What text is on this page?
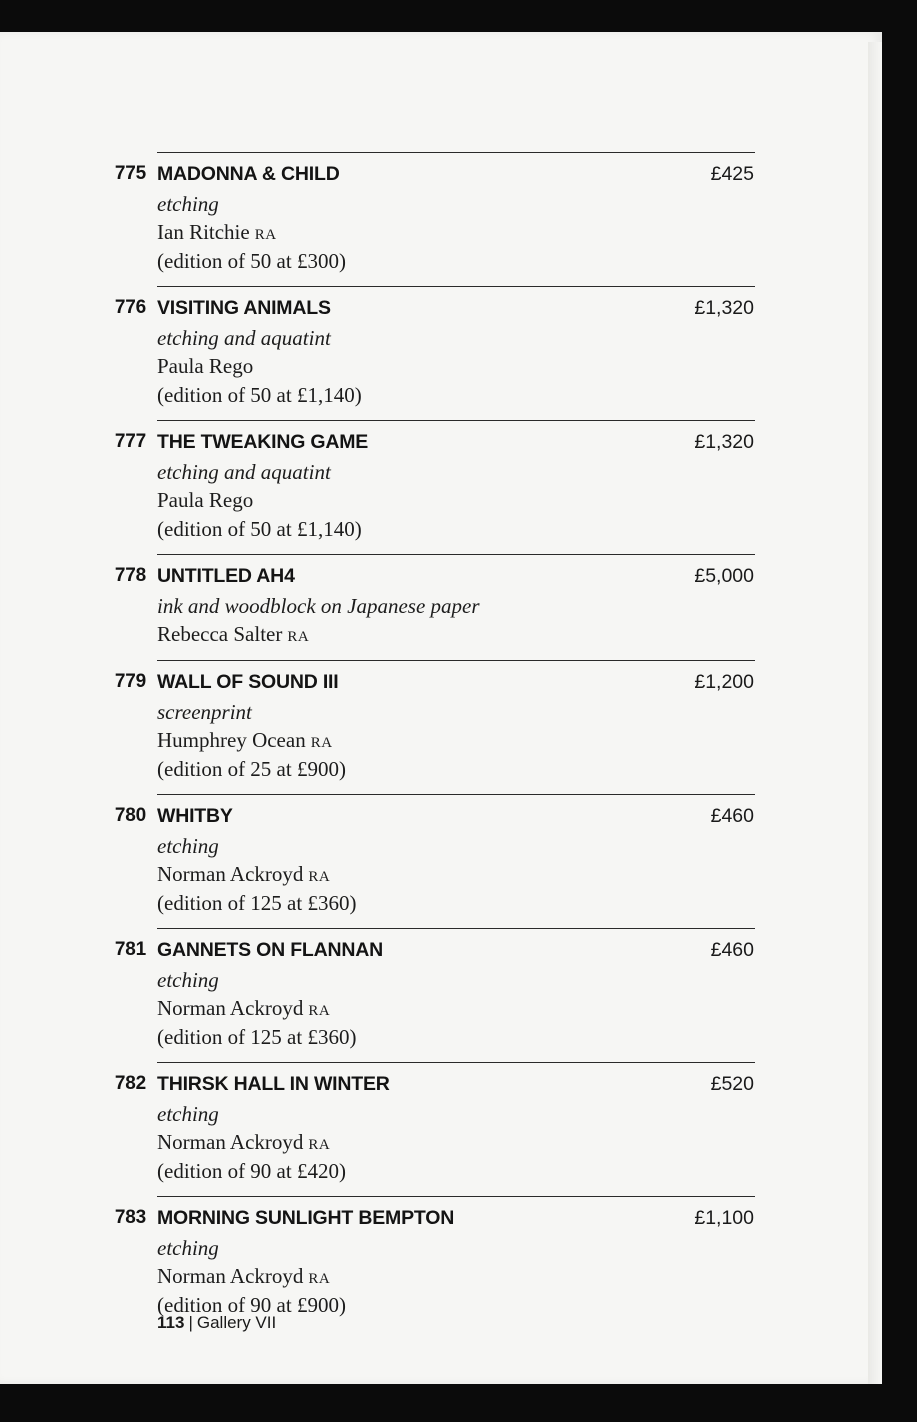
775 MADONNA & CHILD	£425
etching
Ian Ritchie RA
(edition of 50 at £300)
776 VISITING ANIMALS	£1,320
etching and aquatint
Paula Rego
(edition of 50 at £1,140)
777 THE TWEAKING GAME	£1,320
etching and aquatint
Paula Rego
(edition of 50 at £1,140)
778 UNTITLED AH4	£5,000
ink and woodblock on Japanese paper
Rebecca Salter RA
779 WALL OF SOUND III	£1,200
screenprint
Humphrey Ocean RA
(edition of 25 at £900)
780 WHITBY	£460
etching
Norman Ackroyd RA
(edition of 125 at £360)
781 GANNETS ON FLANNAN	£460
etching
Norman Ackroyd RA
(edition of 125 at £360)
782 THIRSK HALL IN WINTER	£520
etching
Norman Ackroyd RA
(edition of 90 at £420)
783 MORNING SUNLIGHT BEMPTON	£1,100
etching
Norman Ackroyd RA
(edition of 90 at £900)
113 | Gallery VII
